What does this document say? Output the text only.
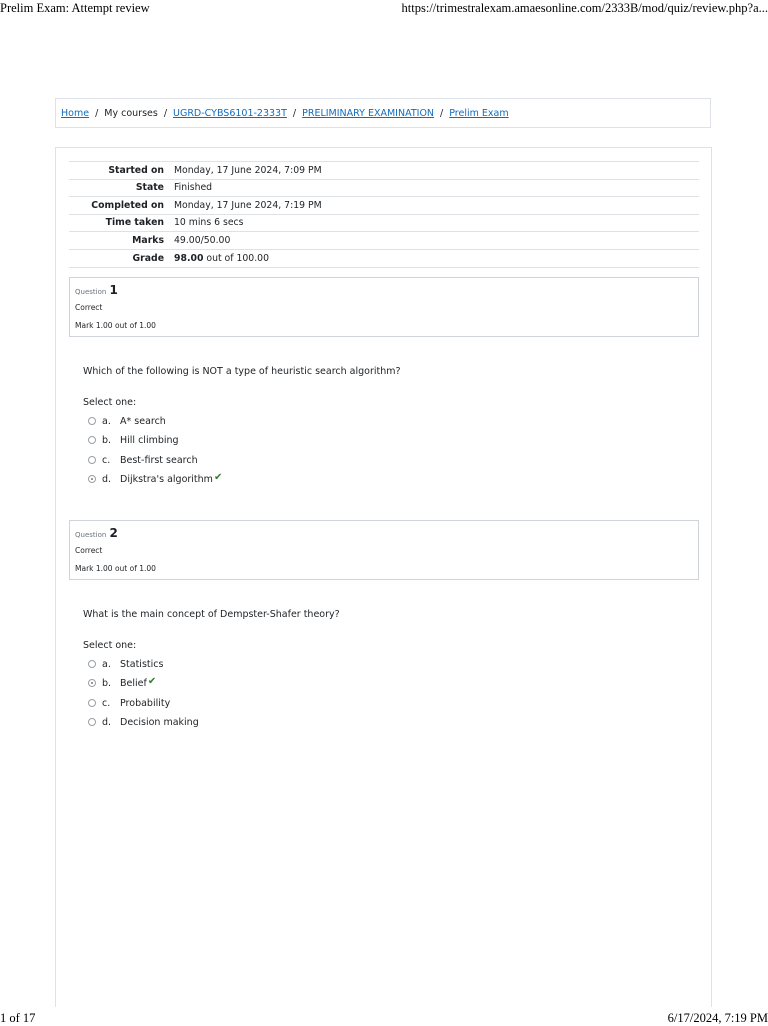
Prelim Exam: Attempt review	https://trimestralexam.amaesonline.com/2333B/mod/quiz/review.php?a...
Home / My courses / UGRD-CYBS6101-2333T / PRELIMINARY EXAMINATION / Prelim Exam
Started on	Monday, 17 June 2024, 7:09 PM
State	Finished
Completed on	Monday, 17 June 2024, 7:19 PM
Time taken	10 mins 6 secs
Marks	49.00/50.00
Grade	98.00 out of 100.00
Question 1
Correct
Mark 1.00 out of 1.00
Which of the following is NOT a type of heuristic search algorithm?
Select one:
a. A* search
b. Hill climbing
c.	Best-first search
d. Dijkstra's algorithm ✔
Question 2
Correct
Mark 1.00 out of 1.00
What is the main concept of Dempster-Shafer theory?
Select one:
a. Statistics
b. Belief ✔
c.	Probability
d. Decision making
1 of 17	6/17/2024, 7:19 PM
